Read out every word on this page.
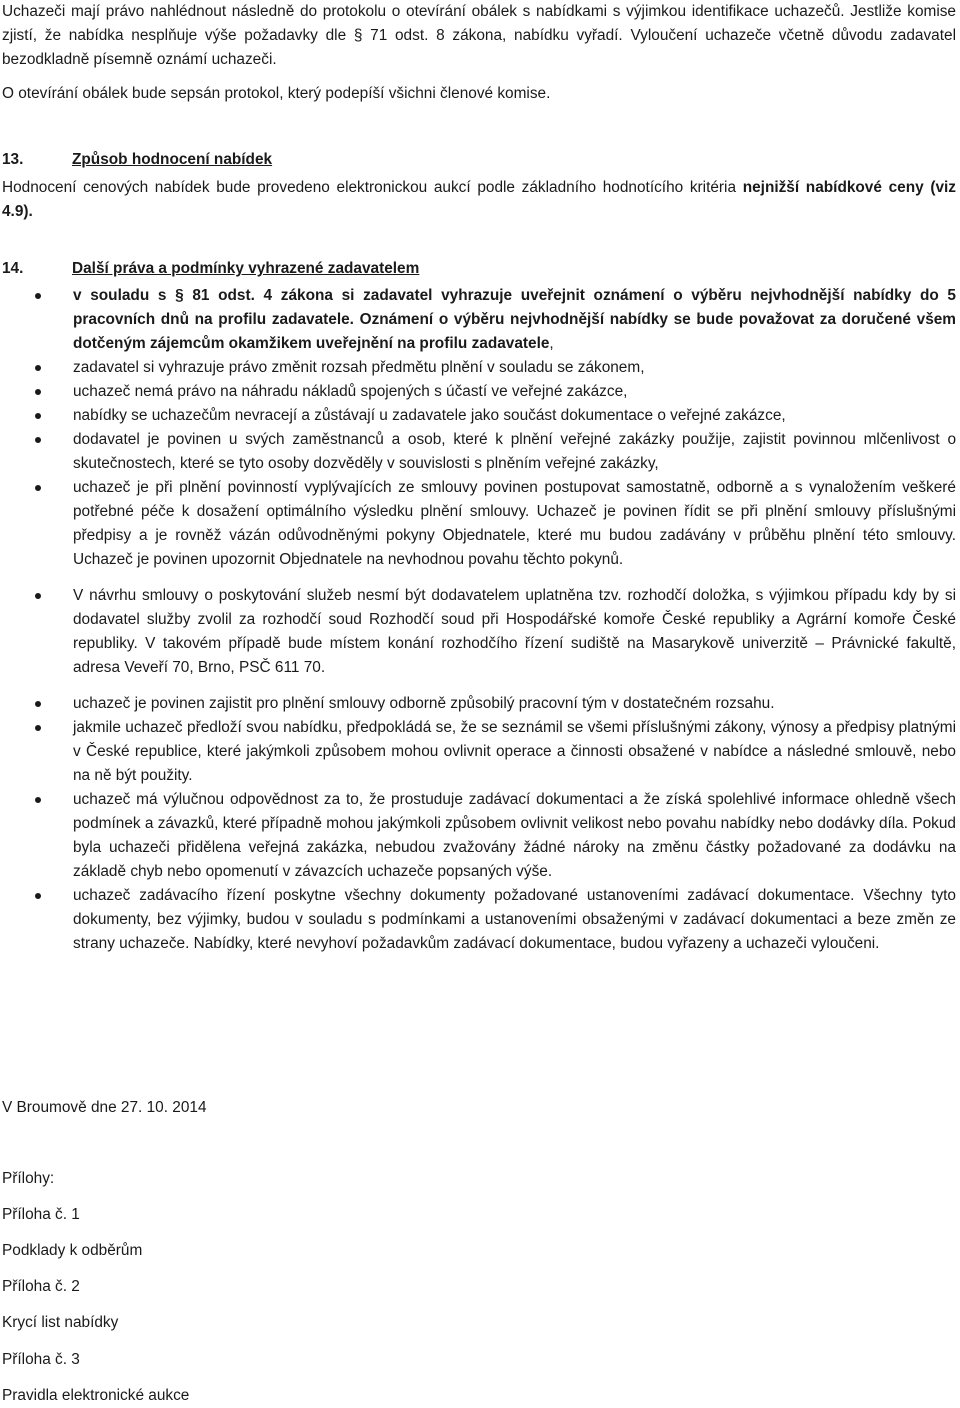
Uchazeči mají právo nahlédnout následně do protokolu o otevírání obálek s nabídkami s výjimkou identifikace uchazečů. Jestliže komise zjistí, že nabídka nesplňuje výše požadavky dle § 71 odst. 8 zákona, nabídku vyřadí. Vyloučení uchazeče včetně důvodu zadavatel bezodkladně písemně oznámí uchazeči.

O otevírání obálek bude sepsán protokol, který podepíší všichni členové komise.

13.	Způsob hodnocení nabídek

Hodnocení cenových nabídek bude provedeno elektronickou aukcí podle základního hodnotícího kritéria nejnižší nabídkové ceny (viz 4.9).

14.	Další práva a podmínky vyhrazené zadavatelem

v souladu s § 81 odst. 4 zákona si zadavatel vyhrazuje uveřejnit oznámení o výběru nejvhodnější nabídky do 5 pracovních dnů na profilu zadavatele. Oznámení o výběru nejvhodnější nabídky se bude považovat za doručené všem dotčeným zájemcům okamžikem uveřejnění na profilu zadavatele,

zadavatel si vyhrazuje právo změnit rozsah předmětu plnění v souladu se zákonem,

uchazeč nemá právo na náhradu nákladů spojených s účastí ve veřejné zakázce,

nabídky se uchazečům nevracejí a zůstávají u zadavatele jako součást dokumentace o veřejné zakázce,

dodavatel je povinen u svých zaměstnanců a osob, které k plnění veřejné zakázky použije, zajistit povinnou mlčenlivost o skutečnostech, které se tyto osoby dozvěděly v souvislosti s plněním veřejné zakázky,

uchazeč je při plnění povinností vyplývajících ze smlouvy povinen postupovat samostatně, odborně a s vynaložením veškeré potřebné péče k dosažení optimálního výsledku plnění smlouvy. Uchazeč je povinen řídit se při plnění smlouvy příslušnými předpisy a je rovněž vázán odůvodněnými pokyny Objednatele, které mu budou zadávány v průběhu plnění této smlouvy. Uchazeč je povinen upozornit Objednatele na nevhodnou povahu těchto pokynů.

V návrhu smlouvy o poskytování služeb nesmí být dodavatelem uplatněna tzv. rozhodčí doložka, s výjimkou případu kdy by si dodavatel služby zvolil za rozhodčí soud Rozhodčí soud při Hospodářské komoře České republiky a Agrární komoře České republiky. V takovém případě bude místem konání rozhodčího řízení sudiště na Masarykově univerzitě – Právnické fakultě, adresa Veveří 70, Brno, PSČ 611 70.

uchazeč je povinen zajistit pro plnění smlouvy odborně způsobilý pracovní tým v dostatečném rozsahu.

jakmile uchazeč předloží svou nabídku, předpokládá se, že se seznámil se všemi příslušnými zákony, výnosy a předpisy platnými v České republice, které jakýmkoli způsobem mohou ovlivnit operace a činnosti obsažené v nabídce a následné smlouvě, nebo na ně být použity.

uchazeč má výlučnou odpovědnost za to, že prostuduje zadávací dokumentaci a že získá spolehlivé informace ohledně všech podmínek a závazků, které případně mohou jakýmkoli způsobem ovlivnit velikost nebo povahu nabídky nebo dodávky díla. Pokud byla uchazeči přidělena veřejná zakázka, nebudou zvažovány žádné nároky na změnu částky požadované za dodávku na základě chyb nebo opomenutí v závazcích uchazeče popsaných výše.

uchazeč zadávacího řízení poskytne všechny dokumenty požadované ustanoveními zadávací dokumentace. Všechny tyto dokumenty, bez výjimky, budou v souladu s podmínkami a ustanoveními obsaženými v zadávací dokumentaci a beze změn ze strany uchazeče. Nabídky, které nevyhoví požadavkům zadávací dokumentace, budou vyřazeny a uchazeči vyloučeni.

V Broumově dne 27. 10. 2014
Přílohy:
Příloha č. 1
Podklady k odběrům
Příloha č. 2
Krycí list nabídky
Příloha č. 3
Pravidla elektronické aukce
